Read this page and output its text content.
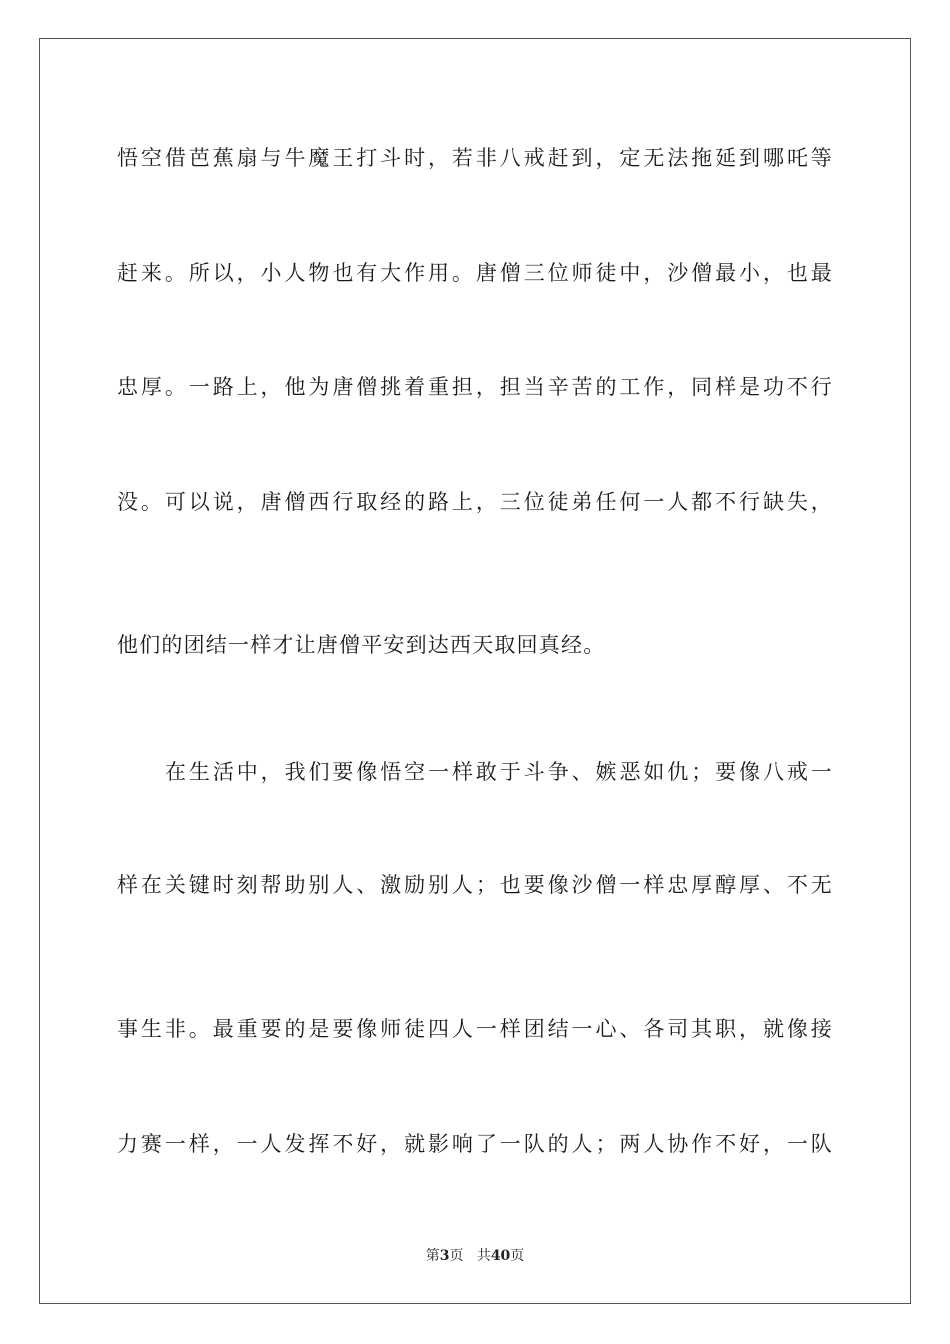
悟空借芭蕉扇与牛魔王打斗时，若非八戒赶到，定无法拖延到哪吒等
赶来。所以，小人物也有大作用。唐僧三位师徒中，沙僧最小，也最
忠厚。一路上，他为唐僧挑着重担，担当辛苦的工作，同样是功不行
没。可以说，唐僧西行取经的路上，三位徒弟任何一人都不行缺失，
他们的团结一样才让唐僧平安到达西天取回真经。
在生活中，我们要像悟空一样敢于斗争、嫉恶如仇；要像八戒一
样在关键时刻帮助别人、激励别人；也要像沙僧一样忠厚醇厚、不无
事生非。最重要的是要像师徒四人一样团结一心、各司其职，就像接
力赛一样，一人发挥不好，就影响了一队的人；两人协作不好，一队
第3页 共40页
